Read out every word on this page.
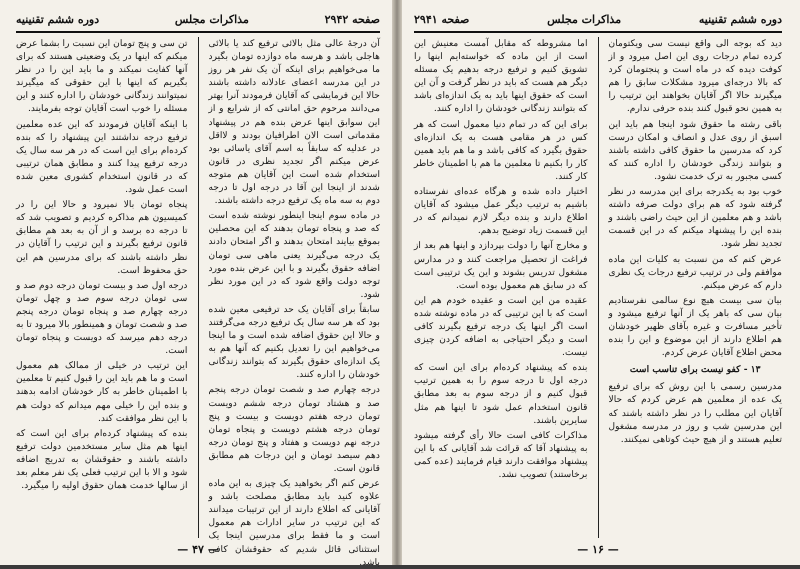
صفحه ۲۹۴۲
مذاكرات مجلس
دوره ششم تقنینیه

آن درجهٔ عالی مثل بالائی ترفیع کند یا بالائی هاجلی باشد و هرسه ماه دوازده تومان بگیرد ما می‌خواهیم برای اینکه آن یک نفر هر روز در این مدرسه اعضای عادلانه داشته باشند حالا این فرمایشی که آقایان فرمودند آنرا بهتر می‌دانند مرحوم حق امانتی که از شرایع و از این سوابق اینها عرض بنده هم در پیشنهاد مقدماتی است الان اطرافیان بودند و لااقل در عدلیه که سابقاً به اسم آقای یاسائی بود عرض میکنم اگر تجدید نظری در قانون استخدام شده است این آقایان هم متوجه شدند از اینجا این آقا در درجه اول تا درجه دوم به سه ماه یک ترفیع درجه داشته باشند.

در ماده سوم اینجا اینطور نوشته شده است که صد و پنجاه تومان بدهند که این محصلین بموقع بیایند امتحان بدهند و اگر امتحان دادند یک درجه می‌گیرند یعنی ماهی سی تومان اضافه حقوق بگیرند و با این عرض بنده مورد توجه دولت واقع شود که در این مورد نظر شود.

سابقاً برای آقایان یک حد ترفیعی معین شده بود که هر سه سال یک ترفیع درجه می‌گرفتند و حالا این حقوق اضافه شده است و ما اینجا می‌خواهیم این را تعدیل بکنیم که آنها هم به یک اندازه‌ای حقوق بگیرند که بتوانند زندگانی خودشان را اداره کنند.

درجه چهارم صد و شصت تومان درجه پنجم صد و هشتاد تومان درجه ششم دویست تومان درجه هفتم دویست و بیست و پنج تومان درجه هشتم دویست و پنجاه تومان درجه نهم دویست و هفتاد و پنج تومان درجه دهم سیصد تومان و این درجات هم مطابق قانون است.

عرض کنم اگر بخواهید یک چیزی به این ماده علاوه کنید باید مطابق مصلحت باشد و آقایانی که اطلاع دارند از این ترتیبات میدانند که این ترتیب در سایر ادارات هم معمول است و ما فقط برای مدرسین اینجا یک استثنائی قائل شدیم که حقوقشان کافی باشد.

تن سی و پنج تومان این نسبت را بشما عرض میکنم که اینها در یک وضعیتی هستند که برای آنها کفایت نمیکند و ما باید این را در نظر بگیریم که اینها با این حقوقی که میگیرند نمیتوانند زندگانی خودشان را اداره کنند و این مسئله را خوب است آقایان توجه بفرمایند.

با اینکه آقایان فرمودند که این عده معلمین ترفیع درجه نداشتند این پیشنهاد را که بنده کرده‌ام برای این است که در هر سه سال یک درجه ترفیع پیدا کنند و مطابق همان ترتیبی که در قانون استخدام کشوری معین شده است عمل شود.

پنجاه تومان بالا نمیرود و حالا این را در کمیسیون هم مذاکره کردیم و تصویب شد که تا درجه ده برسد و از آن به بعد هم مطابق قانون ترفیع بگیرند و این ترتیب را آقایان در نظر داشته باشند که برای مدرسین هم این حق محفوظ است.

درجه اول صد و بیست تومان درجه دوم صد و سی تومان درجه سوم صد و چهل تومان درجه چهارم صد و پنجاه تومان درجه پنجم صد و شصت تومان و همینطور بالا میرود تا به درجه دهم میرسد که دویست و پنجاه تومان است.

این ترتیب در خیلی از ممالک هم معمول است و ما هم باید این را قبول کنیم تا معلمین با اطمینان خاطر به کار خودشان ادامه بدهند و بنده این را خیلی مهم میدانم که دولت هم با این نظر موافقت کند.

بنده که پیشنهاد کرده‌ام برای این است که اینها هم مثل سایر مستخدمین دولت ترفیع داشته باشند و حقوقشان به تدریج اضافه شود و الا با این ترتیب فعلی یک نفر معلم بعد از سالها خدمت همان حقوق اولیه را میگیرد.

— ۴۷ —
دوره ششم تقنینیه
مذاكرات مجلس
صفحه ۲۹۴۱

دید که بوجه الی واقع نیست سی ویکتومان کرده تمام درجات روی این اصل میرود و از کوفت دیده که در ماه است و پنجتومان کرد که بالا درجه‌ای میرود مشکلات سابق را هم میگیرند حالا اگر آقایان بخواهند این ترتیب را به همین نحو قبول کنند بنده حرفی ندارم.

باقی رشته ما حقوق شود اینجا هم باید این اسبق از روی عدل و انصاف و امکان درست کرد که مدرسین ما حقوق کافی داشته باشند و بتوانند زندگی خودشان را اداره کنند که کسی مجبور به ترک خدمت نشود.

خوب بود به یکدرجه برای این مدرسه در نظر گرفته شود که هم برای دولت صرفه داشته باشد و هم معلمین از این حیث راضی باشند و بنده این را پیشنهاد میکنم که در این قسمت تجدید نظر شود.

عرض کنم که من نسبت به کلیات این ماده موافقم ولی در ترتیب ترفیع درجات یک نظری دارم که عرض میکنم.

بیان سی بیست هیچ نوع سالمی نفرستادیم بیان سی که باهر یک از آنها ترفیع میشود و تأخیر مسافرت و غیره بآقای ظهیر خودشان هم اطلاع دارند از این موضوع و این را بنده محض اطلاع آقایان عرض کردم.

۱۳ - کفو نیست برای تناسب است

مدرسین رسمی با این روش که برای ترفیع یک عده از معلمین هم عرض کردم که حالا آقایان این مطلب را در نظر داشته باشند که این مدرسین شب و روز در مدرسه مشغول تعلیم هستند و از هیچ حیث کوتاهی نمیکنند.

اما مشروطه که مقابل آمست معنیش این است از این ماده که خواسته‌ایم اینها را تشویق کنیم و ترفیع درجه بدهیم یک مسئله دیگر هم هست که باید در نظر گرفت و آن این است که حقوق اینها باید به یک اندازه‌ای باشد که بتوانند زندگانی خودشان را اداره کنند.

برای این که در تمام دنیا معمول است که هر کس در هر مقامی هست به یک اندازه‌ای حقوق بگیرد که کافی باشد و ما هم باید همین کار را بکنیم تا معلمین ما هم با اطمینان خاطر کار کنند.

اختیار داده شده و هرگاه عده‌ای نفرستاده باشیم به ترتیب دیگر عمل میشود که آقایان اطلاع دارند و بنده دیگر لازم نمیدانم که در این قسمت زیاد توضیح بدهم.

و مخارج آنها را دولت بپردازد و اینها هم بعد از فراغت از تحصیل مراجعت کنند و در مدارس مشغول تدریس بشوند و این یک ترتیبی است که در سابق هم معمول بوده است.

عقیده من این است و عقیده خودم هم این است که با این ترتیبی که در ماده نوشته شده است اگر اینها یک درجه ترفیع بگیرند کافی است و دیگر احتیاجی به اضافه کردن چیزی نیست.

بنده که پیشنهاد کرده‌ام برای این است که درجه اول تا درجه سوم را به همین ترتیب قبول کنیم و از درجه سوم به بعد مطابق قانون استخدام عمل شود تا اینها هم مثل سایرین باشند.

مذاکرات کافی است حالا رأی گرفته میشود به پیشنهاد آقا که قرائت شد آقایانی که با این پیشنهاد موافقت دارند قیام فرمایند (عده کمی برخاستند) تصویب نشد.

— ۱۶ —
